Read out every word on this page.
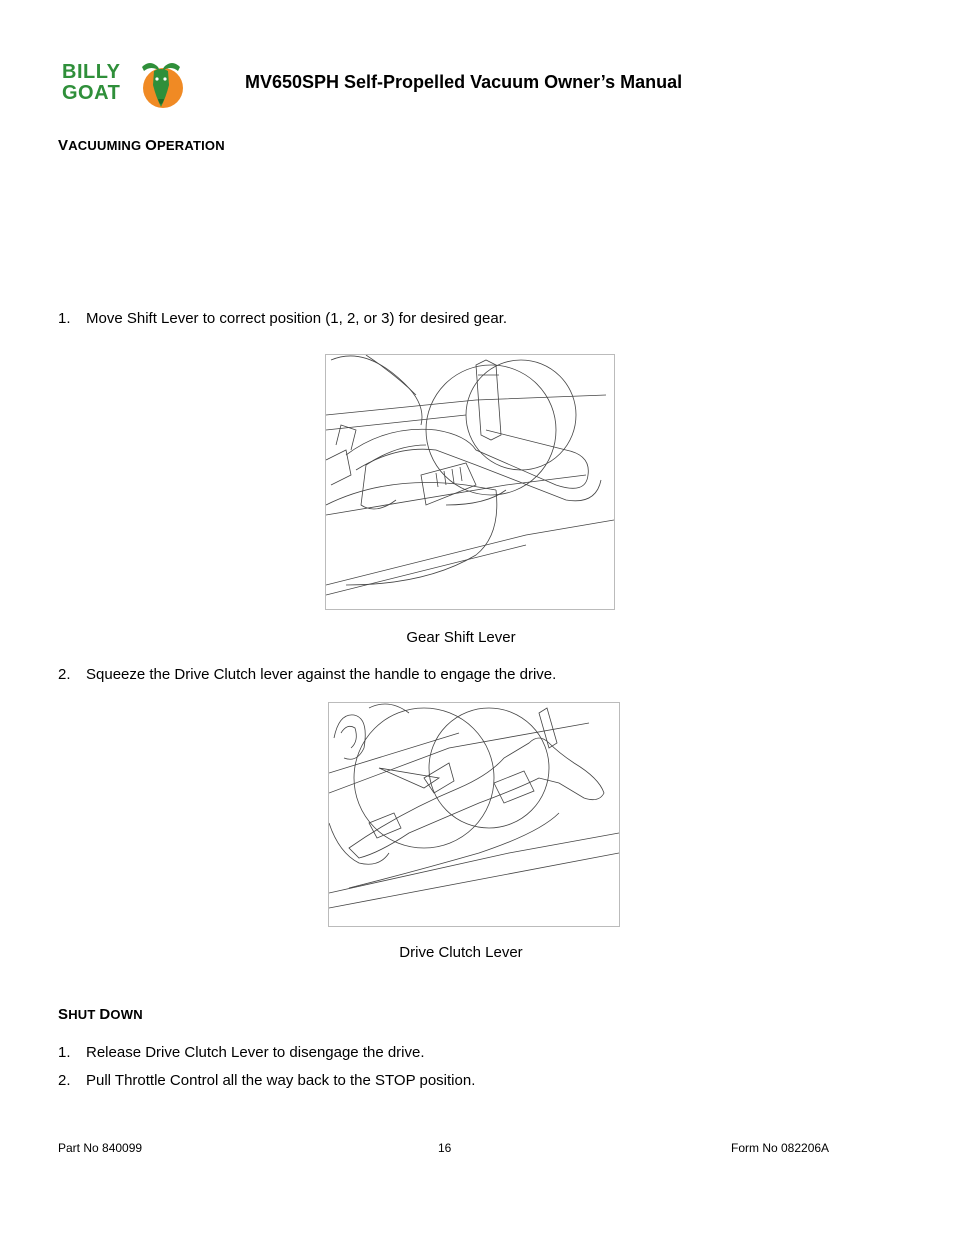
BILLY
GOAT	MV650SPH Self-Propelled Vacuum Owner’s Manual
VACUUMING OPERATION
1. Move Shift Lever to correct position (1, 2, or 3) for desired gear.
Gear Shift Lever
2. Squeeze the Drive Clutch lever against the handle to engage the drive.
Drive Clutch Lever
SHUT DOWN
1. Release Drive Clutch Lever to disengage the drive.
2. Pull Throttle Control all the way back to the STOP position.
Part No 840099	16	Form No 082206A
